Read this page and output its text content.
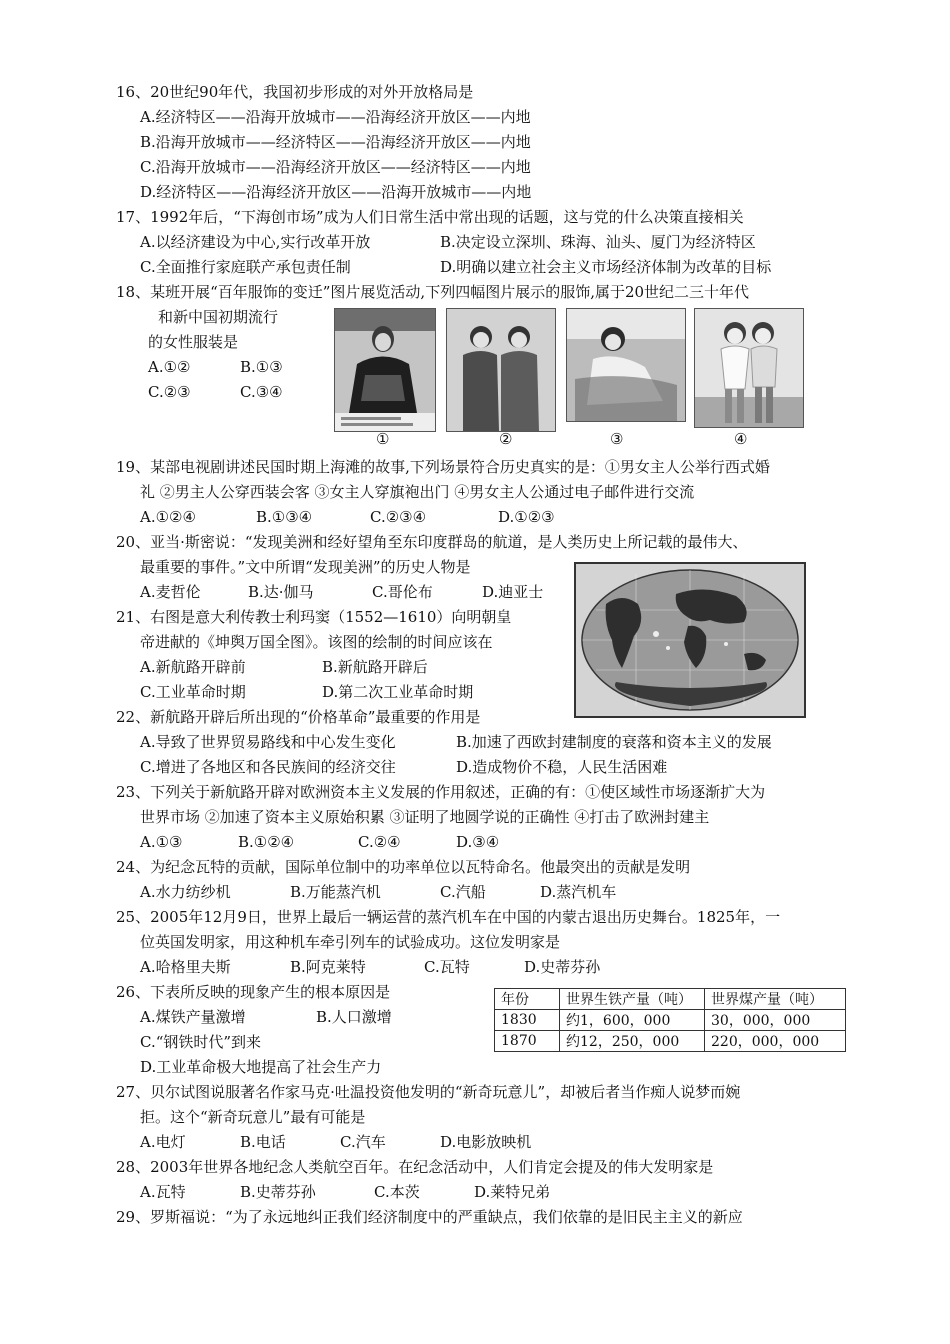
16、20世纪90年代，我国初步形成的对外开放格局是
A.经济特区——沿海开放城市——沿海经济开放区——内地
B.沿海开放城市——经济特区——沿海经济开放区——内地
C.沿海开放城市——沿海经济开放区——经济特区——内地
D.经济特区——沿海经济开放区——沿海开放城市——内地
17、1992年后，“下海创市场”成为人们日常生活中常出现的话题，这与党的什么决策直接相关
A.以经济建设为中心,实行改革开放	B.决定设立深圳、珠海、汕头、厦门为经济特区
C.全面推行家庭联产承包责任制	D.明确以建立社会主义市场经济体制为改革的目标
18、某班开展“百年服饰的变迁”图片展览活动,下列四幅图片展示的服饰,属于20世纪二三十年代
和新中国初期流行
的女性服装是
A.①②	B.①③
C.②③	C.③④
①	②	③	④
19、某部电视剧讲述民国时期上海滩的故事,下列场景符合历史真实的是：①男女主人公举行西式婚
礼 ②男主人公穿西装会客 ③女主人穿旗袍出门 ④男女主人公通过电子邮件进行交流
A.①②④	B.①③④	C.②③④	D.①②③
20、亚当·斯密说：“发现美洲和经好望角至东印度群岛的航道，是人类历史上所记载的最伟大、
最重要的事件。”文中所谓“发现美洲”的历史人物是
A.麦哲伦	B.达·伽马	C.哥伦布	D.迪亚士
21、右图是意大利传教士利玛窦（1552—1610）向明朝皇
帝进献的《坤舆万国全图》。该图的绘制的时间应该在
A.新航路开辟前	B.新航路开辟后
C.工业革命时期	D.第二次工业革命时期
22、新航路开辟后所出现的“价格革命”最重要的作用是
A.导致了世界贸易路线和中心发生变化	B.加速了西欧封建制度的衰落和资本主义的发展
C.增进了各地区和各民族间的经济交往	D.造成物价不稳，人民生活困难
23、下列关于新航路开辟对欧洲资本主义发展的作用叙述，正确的有：①使区域性市场逐渐扩大为
世界市场 ②加速了资本主义原始积累 ③证明了地圆学说的正确性 ④打击了欧洲封建主
A.①③	B.①②④	C.②④	D.③④
24、为纪念瓦特的贡献，国际单位制中的功率单位以瓦特命名。他最突出的贡献是发明
A.水力纺纱机	B.万能蒸汽机	C.汽船	D.蒸汽机车
25、2005年12月9日，世界上最后一辆运营的蒸汽机车在中国的内蒙古退出历史舞台。1825年，一
位英国发明家，用这种机车牵引列车的试验成功。这位发明家是
A.哈格里夫斯	B.阿克莱特	C.瓦特	D.史蒂芬孙
26、下表所反映的现象产生的根本原因是
A.煤铁产量激增	B.人口激增
C.“钢铁时代”到来
D.工业革命极大地提高了社会生产力
年份	世界生铁产量（吨）	世界煤产量（吨）
1830	约1，600，000	30，000，000
1870	约12，250，000	220，000，000
27、贝尔试图说服著名作家马克·吐温投资他发明的“新奇玩意儿”，却被后者当作痴人说梦而婉
拒。这个“新奇玩意儿”最有可能是
A.电灯	B.电话	C.汽车	D.电影放映机
28、2003年世界各地纪念人类航空百年。在纪念活动中，人们肯定会提及的伟大发明家是
A.瓦特	B.史蒂芬孙	C.本茨	D.莱特兄弟
29、罗斯福说：“为了永远地纠正我们经济制度中的严重缺点，我们依靠的是旧民主主义的新应
